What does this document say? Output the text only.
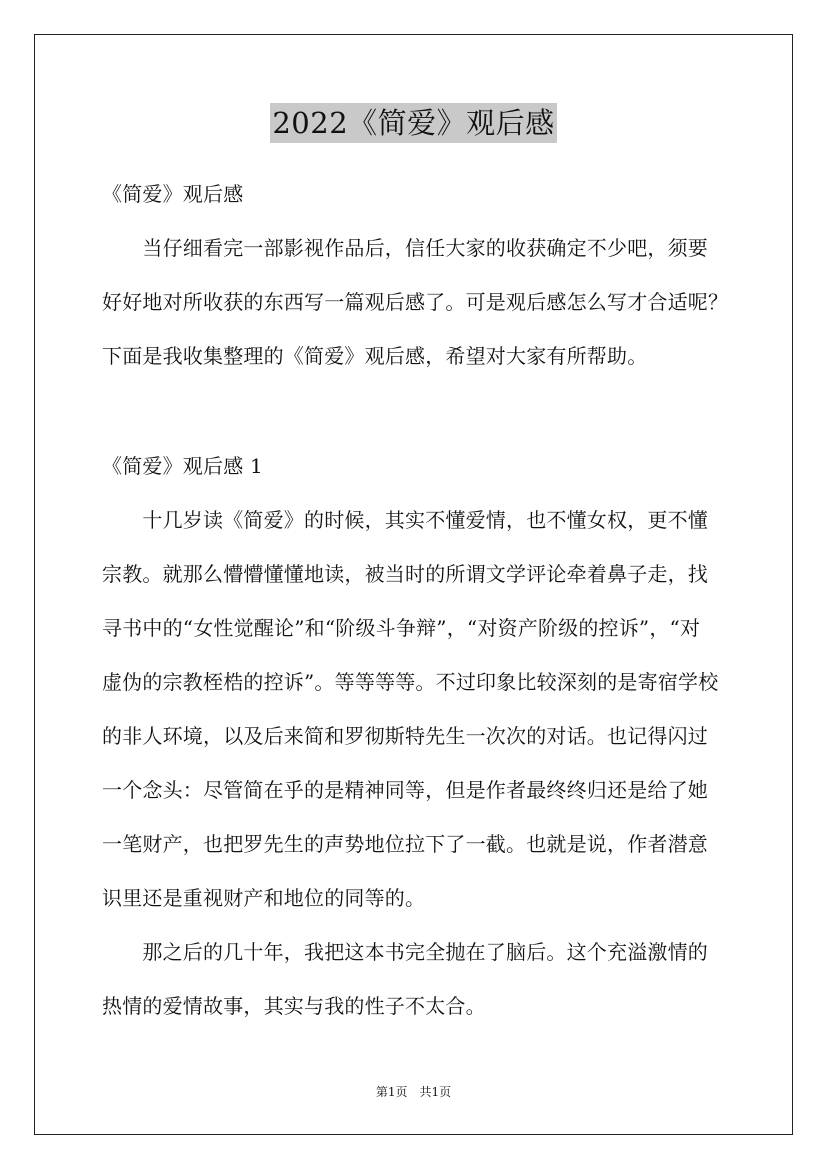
2022《简爱》观后感
《简爱》观后感
　　当仔细看完一部影视作品后，信任大家的收获确定不少吧，须要
好好地对所收获的东西写一篇观后感了。可是观后感怎么写才合适呢？
下面是我收集整理的《简爱》观后感，希望对大家有所帮助。
《简爱》观后感 1
　　十几岁读《简爱》的时候，其实不懂爱情，也不懂女权，更不懂
宗教。就那么懵懵懂懂地读，被当时的所谓文学评论牵着鼻子走，找
寻书中的“女性觉醒论”和“阶级斗争辩”，“对资产阶级的控诉”，“对
虚伪的宗教桎梏的控诉”。等等等等。不过印象比较深刻的是寄宿学校
的非人环境，以及后来简和罗彻斯特先生一次次的对话。也记得闪过
一个念头：尽管简在乎的是精神同等，但是作者最终终归还是给了她
一笔财产，也把罗先生的声势地位拉下了一截。也就是说，作者潜意
识里还是重视财产和地位的同等的。
　　那之后的几十年，我把这本书完全抛在了脑后。这个充溢激情的
热情的爱情故事，其实与我的性子不太合。
第1页　共1页
